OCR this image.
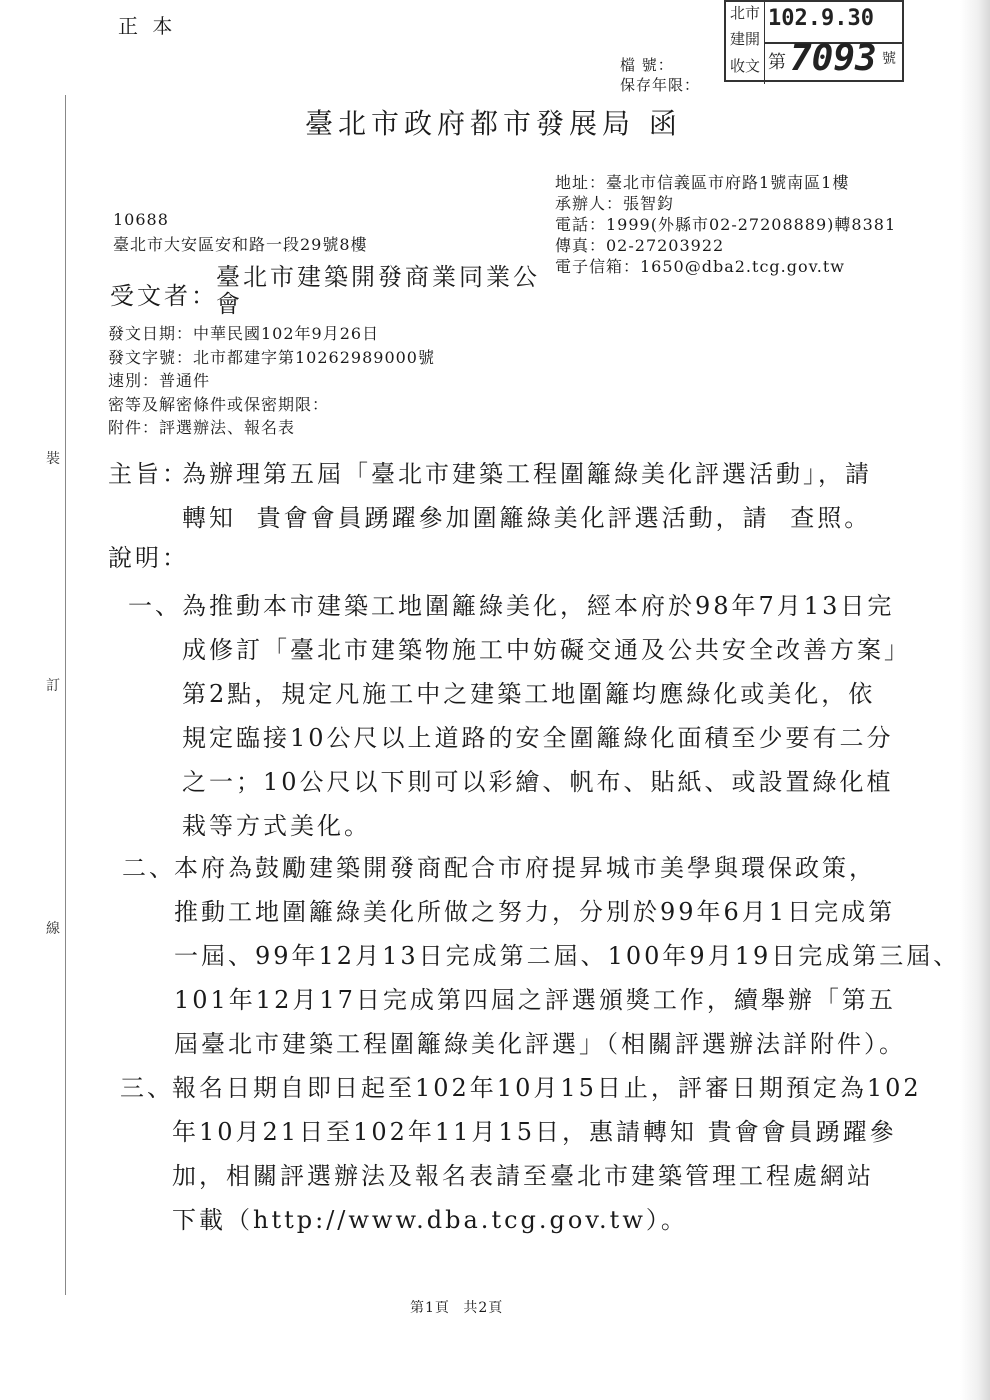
裝
訂
線
正 本
北市
建開
收文
102.9.30
第 7093 號
檔 號：
保存年限：
臺北市政府都市發展局 函
地址：臺北市信義區市府路1號南區1樓
承辦人：張智鈞
電話：1999(外縣市02-27208889)轉8381
傳真：02-27203922
電子信箱：1650@dba2.tcg.gov.tw
10688
臺北市大安區安和路一段29號8樓
受文者：
臺北市建築開發商業同業公
會
發文日期：中華民國102年9月26日
發文字號：北市都建字第10262989000號
速別：普通件
密等及解密條件或保密期限：
附件：評選辦法、報名表
主旨：
為辦理第五屆「臺北市建築工程圍籬綠美化評選活動」，請
轉知 貴會會員踴躍參加圍籬綠美化評選活動，請 查照。
說明：
一、 為推動本市建築工地圍籬綠美化，經本府於98年7月13日完
成修訂「臺北市建築物施工中妨礙交通及公共安全改善方案」
第2點，規定凡施工中之建築工地圍籬均應綠化或美化，依
規定臨接10公尺以上道路的安全圍籬綠化面積至少要有二分
之一；10公尺以下則可以彩繪、帆布、貼紙、或設置綠化植
栽等方式美化。
二、
本府為鼓勵建築開發商配合市府提昇城市美學與環保政策，
推動工地圍籬綠美化所做之努力，分別於99年6月1日完成第
一屆、99年12月13日完成第二屆、100年9月19日完成第三屆、
101年12月17日完成第四屆之評選頒獎工作，續舉辦「第五
屆臺北市建築工程圍籬綠美化評選」（相關評選辦法詳附件）。
三、
報名日期自即日起至102年10月15日止，評審日期預定為102
年10月21日至102年11月15日，惠請轉知 貴會會員踴躍參
加，相關評選辦法及報名表請至臺北市建築管理工程處網站
下載（http://www.dba.tcg.gov.tw）。
第1頁 共2頁
